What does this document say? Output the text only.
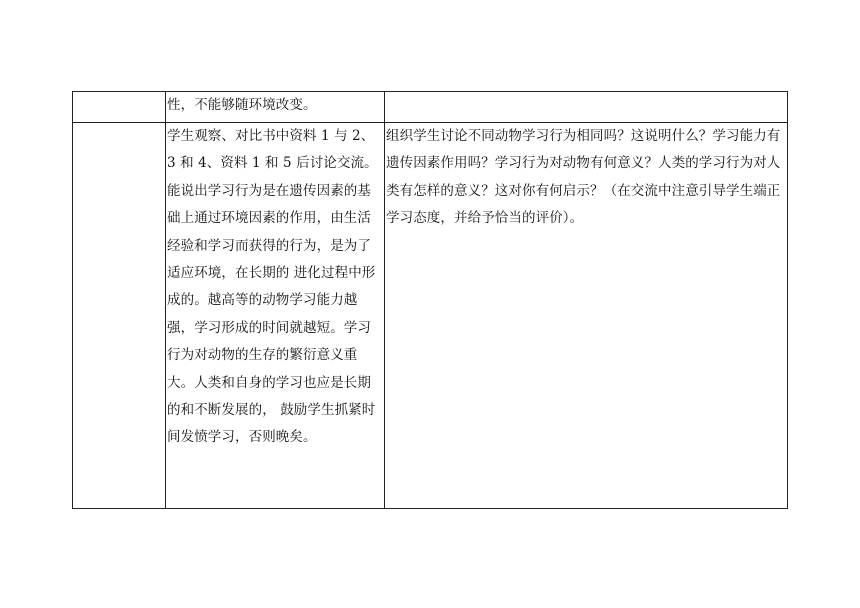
	性，不能够随环境改变。	

	学生观察、对比书中资料 1 与 2、3 和 4、资料 1 和 5 后讨论交流。能说出学习行为是在遗传因素的基础上通过环境因素的作用，由生活经验和学习而获得的行为，是为了适应环境，在长期的 进化过程中形成的。越高等的动物学习能力越强，学习形成的时间就越短。学习行为对动物的生存的繁衍意义重大。人类和自身的学习也应是长期的和不断发展的， 鼓励学生抓紧时间发愤学习，否则晚矣。	组织学生讨论不同动物学习行为相同吗？这说明什么？学习能力有遗传因素作用吗？学习行为对动物有何意义？人类的学习行为对人类有怎样的意义？这对你有何启示？（在交流中注意引导学生端正学习态度，并给予恰当的评价）。
